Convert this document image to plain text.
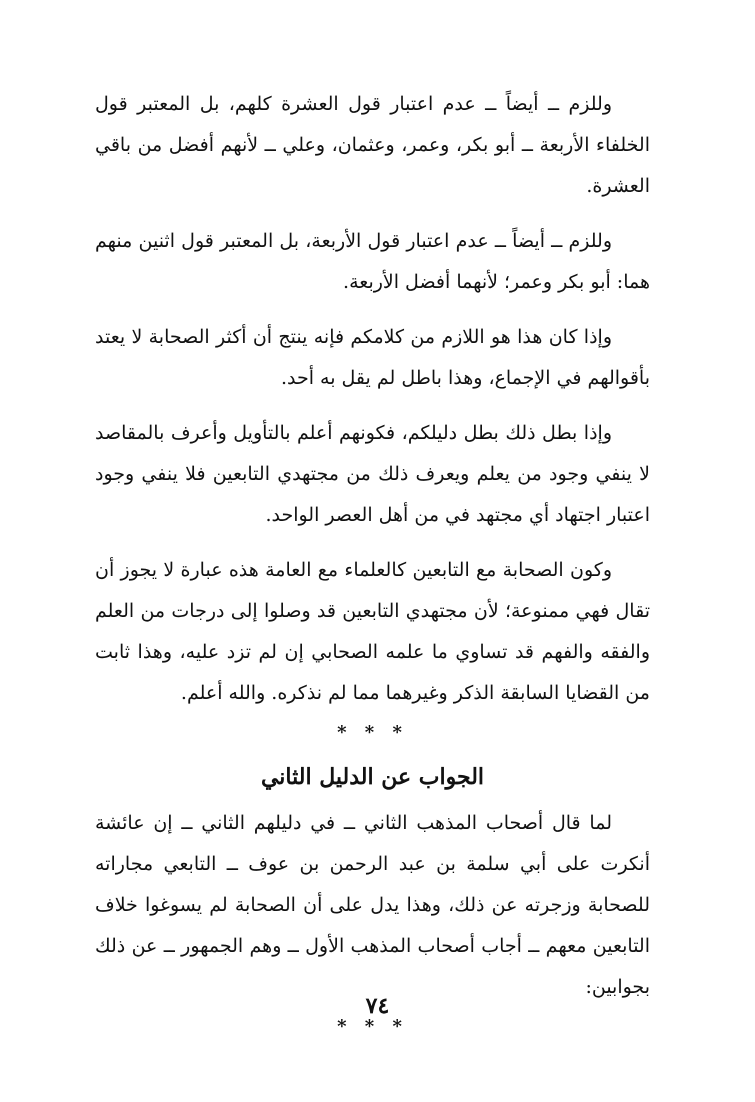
وللزم ــ أيضاً ــ عدم اعتبار قول العشرة كلهم، بل المعتبر قول الخلفاء الأربعة ــ أبو بكر، وعمر، وعثمان، وعلي ــ لأنهم أفضل من باقي العشرة.

وللزم ــ أيضاً ــ عدم اعتبار قول الأربعة، بل المعتبر قول اثنين منهم هما: أبو بكر وعمر؛ لأنهما أفضل الأربعة.

وإذا كان هذا هو اللازم من كلامكم فإنه ينتج أن أكثر الصحابة لا يعتد بأقوالهم في الإجماع، وهذا باطل لم يقل به أحد.

وإذا بطل ذلك بطل دليلكم، فكونهم أعلم بالتأويل وأعرف بالمقاصد لا ينفي وجود من يعلم ويعرف ذلك من مجتهدي التابعين فلا ينفي وجود اعتبار اجتهاد أي مجتهد في من أهل العصر الواحد.

وكون الصحابة مع التابعين كالعلماء مع العامة هذه عبارة لا يجوز أن تقال فهي ممنوعة؛ لأن مجتهدي التابعين قد وصلوا إلى درجات من العلم والفقه والفهم قد تساوي ما علمه الصحابي إن لم تزد عليه، وهذا ثابت من القضايا السابقة الذكر وغيرهما مما لم نذكره. والله أعلم.

* * *
الجواب عن الدليل الثاني

لما قال أصحاب المذهب الثاني ــ في دليلهم الثاني ــ إن عائشة أنكرت على أبي سلمة بن عبد الرحمن بن عوف ــ التابعي مجاراته للصحابة وزجرته عن ذلك، وهذا يدل على أن الصحابة لم يسوغوا خلاف التابعين معهم ــ أجاب أصحاب المذهب الأول ــ وهم الجمهور ــ عن ذلك بجوابين:

* * *
٧٤
